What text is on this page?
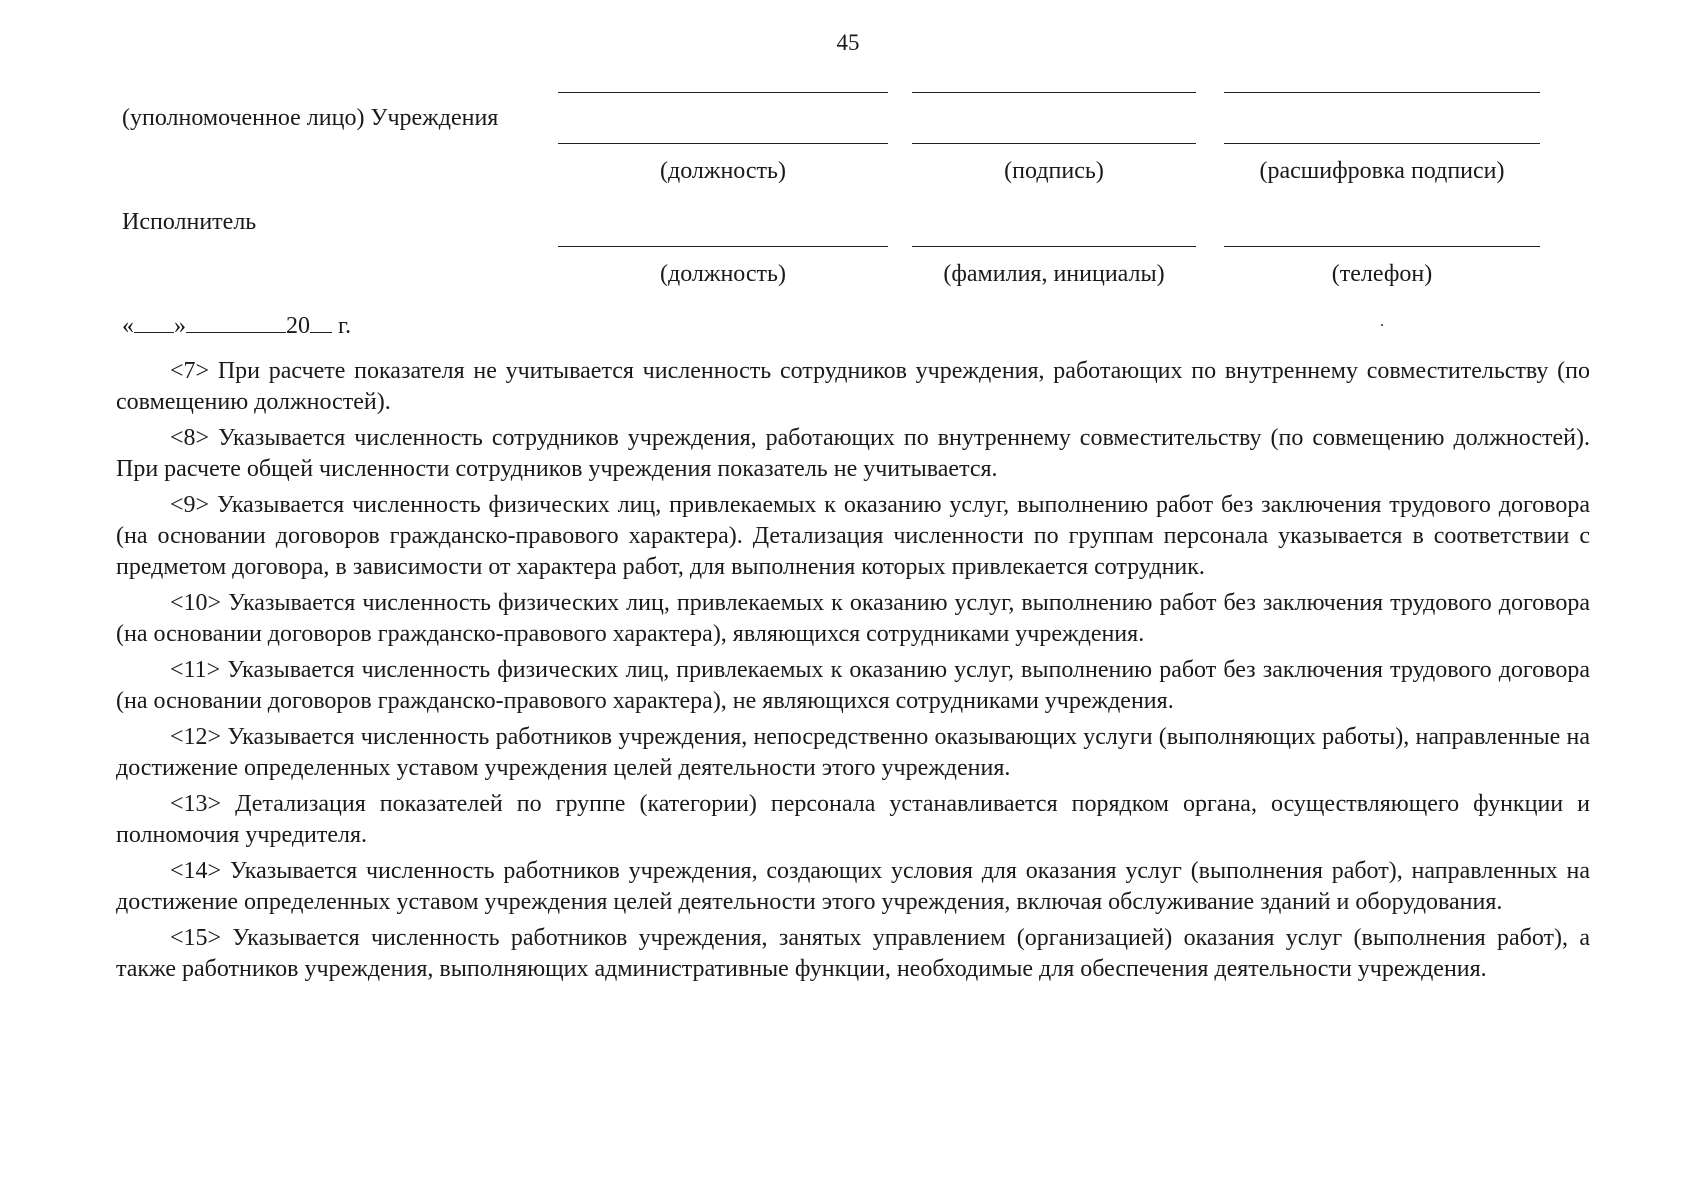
45
(уполномоченное лицо) Учреждения
(должность)	(подпись)	(расшифровка подписи)
Исполнитель
(должность)	(фамилия, инициалы)	(телефон)
« »	20 г.

<7> При расчете показателя не учитывается численность сотрудников учреждения, работающих по внутреннему совместительству (по совмещению должностей).

<8> Указывается численность сотрудников учреждения, работающих по внутреннему совместительству (по совмещению должностей). При расчете общей численности сотрудников учреждения показатель не учитывается.

<9> Указывается численность физических лиц, привлекаемых к оказанию услуг, выполнению работ без заключения трудового договора (на основании договоров гражданско-правового характера). Детализация численности по группам персонала указывается в соответствии с предметом договора, в зависимости от характера работ, для выполнения которых привлекается сотрудник.

<10> Указывается численность физических лиц, привлекаемых к оказанию услуг, выполнению работ без заключения трудового договора (на основании договоров гражданско-правового характера), являющихся сотрудниками учреждения.

<11> Указывается численность физических лиц, привлекаемых к оказанию услуг, выполнению работ без заключения трудового договора (на основании договоров гражданско-правового характера), не являющихся сотрудниками учреждения.

<12> Указывается численность работников учреждения, непосредственно оказывающих услуги (выполняющих работы), направленные на достижение определенных уставом учреждения целей деятельности этого учреждения.

<13> Детализация показателей по группе (категории) персонала устанавливается порядком органа, осуществляющего функции и полномочия учредителя.

<14> Указывается численность работников учреждения, создающих условия для оказания услуг (выполнения работ), направленных на достижение определенных уставом учреждения целей деятельности этого учреждения, включая обслуживание зданий и оборудования.

<15> Указывается численность работников учреждения, занятых управлением (организацией) оказания услуг (выполнения работ), а также работников учреждения, выполняющих административные функции, необходимые для обеспечения деятельности учреждения.
